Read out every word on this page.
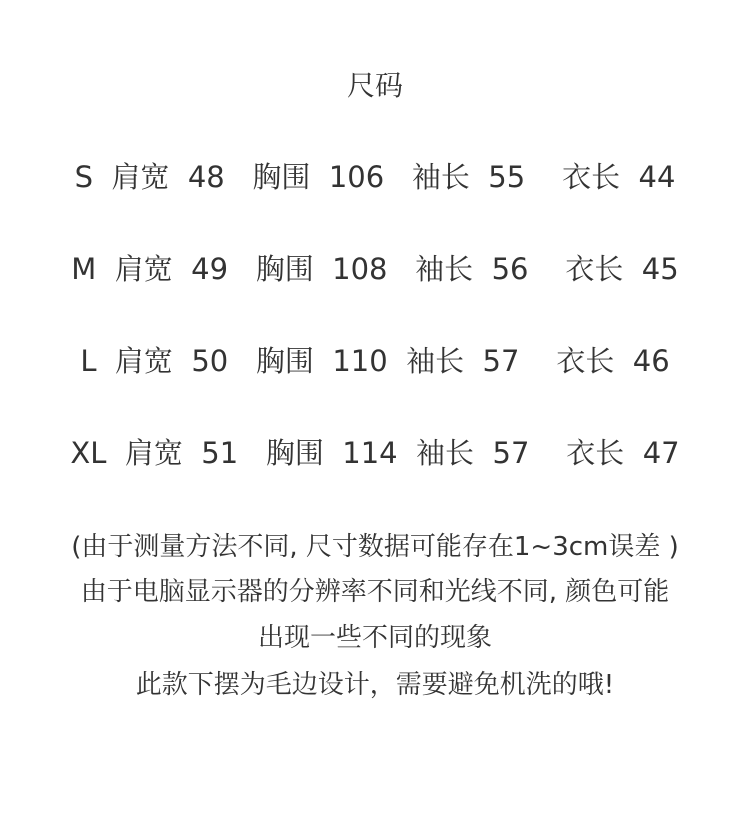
尺码
S  肩宽  48   胸围  106   袖长  55    衣长  44
M  肩宽  49   胸围  108   袖长  56    衣长  45
L  肩宽  50   胸围  110  袖长  57    衣长  46
XL  肩宽  51   胸围  114  袖长  57    衣长  47
(由于测量方法不同, 尺寸数据可能存在1~3cm误差 )
由于电脑显示器的分辨率不同和光线不同, 颜色可能
出现一些不同的现象
此款下摆为毛边设计，需要避免机洗的哦!
